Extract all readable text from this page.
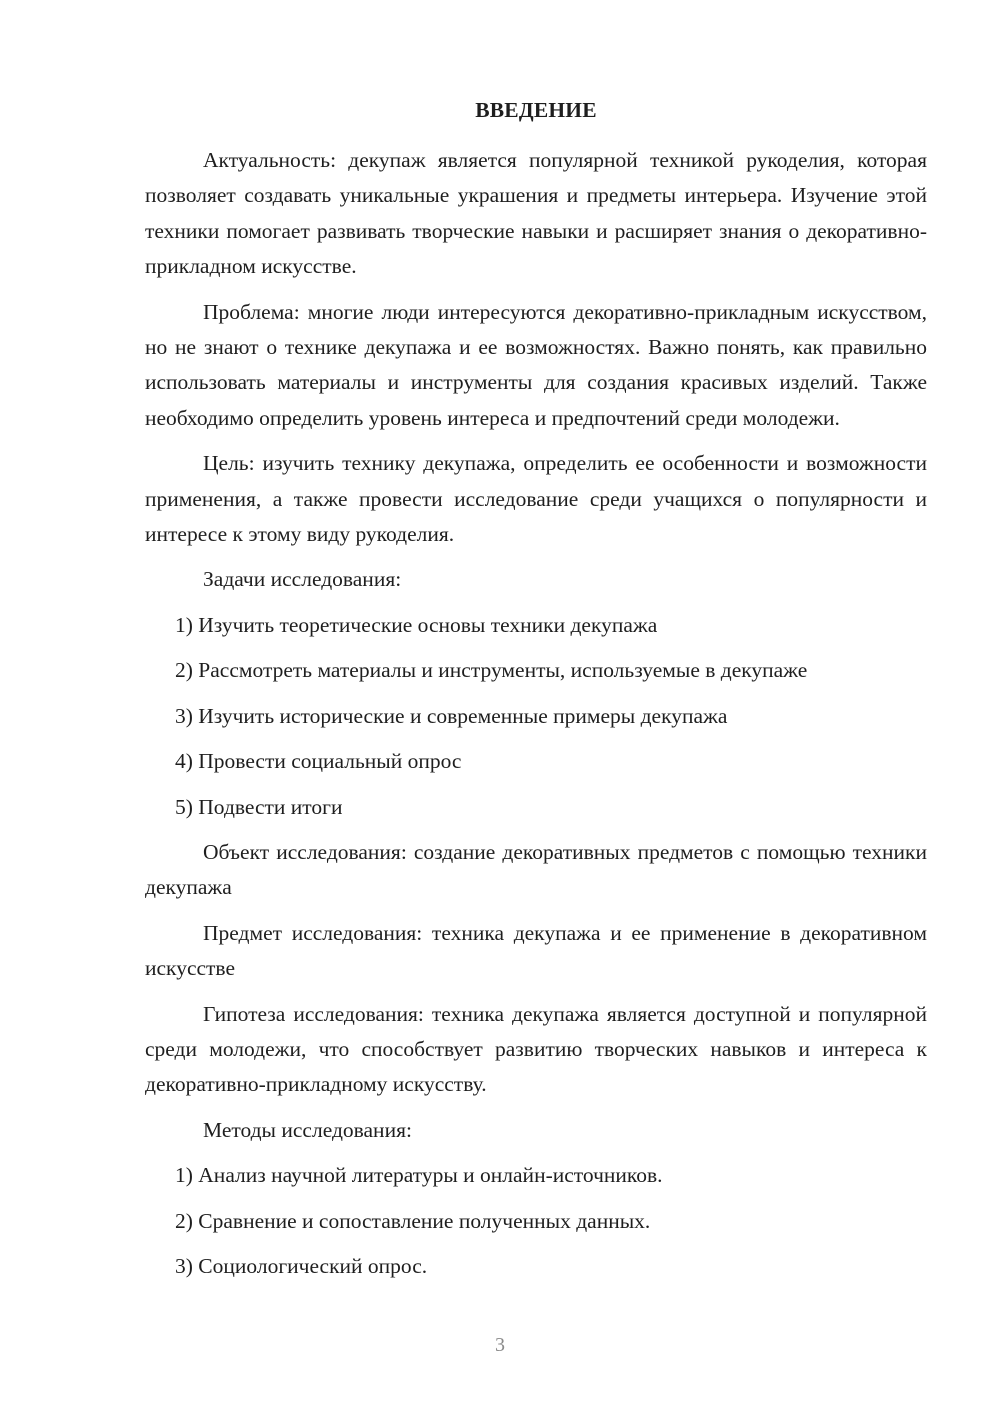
ВВЕДЕНИЕ

Актуальность: декупаж является популярной техникой рукоделия, которая позволяет создавать уникальные украшения и предметы интерьера. Изучение этой техники помогает развивать творческие навыки и расширяет знания о декоративно-прикладном искусстве.

Проблема: многие люди интересуются декоративно-прикладным искусством, но не знают о технике декупажа и ее возможностях. Важно понять, как правильно использовать материалы и инструменты для создания красивых изделий. Также необходимо определить уровень интереса и предпочтений среди молодежи.

Цель: изучить технику декупажа, определить ее особенности и возможности применения, а также провести исследование среди учащихся о популярности и интересе к этому виду рукоделия.

Задачи исследования:

1) Изучить теоретические основы техники декупажа
2) Рассмотреть материалы и инструменты, используемые в декупаже
3) Изучить исторические и современные примеры декупажа
4) Провести социальный опрос
5) Подвести итоги

Объект исследования: создание декоративных предметов с помощью техники декупажа

Предмет исследования: техника декупажа и ее применение в декоративном искусстве

Гипотеза исследования: техника декупажа является доступной и популярной среди молодежи, что способствует развитию творческих навыков и интереса к декоративно-прикладному искусству.

Методы исследования:

1) Анализ научной литературы и онлайн-источников.
2) Сравнение и сопоставление полученных данных.
3) Социологический опрос.
3
